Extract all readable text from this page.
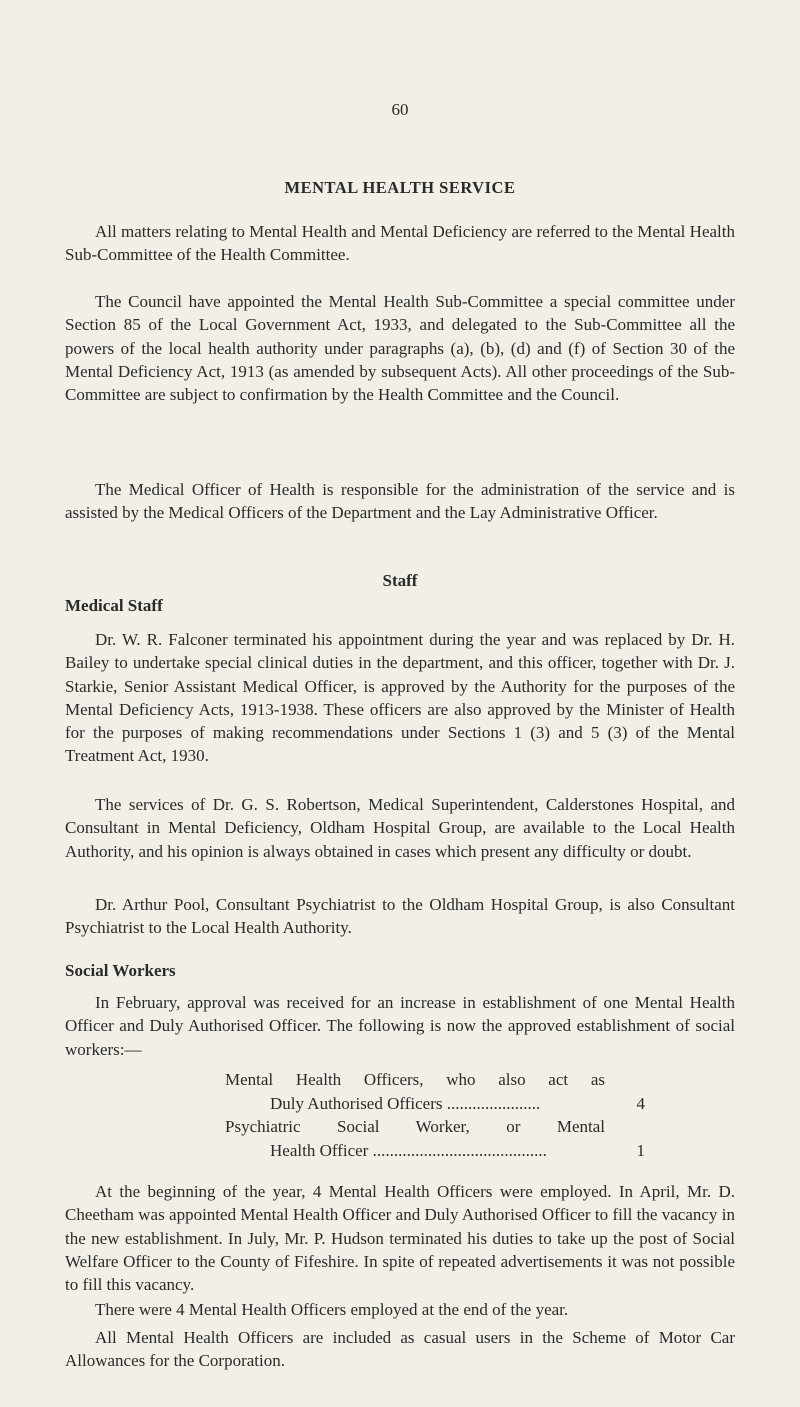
60
MENTAL HEALTH SERVICE

All matters relating to Mental Health and Mental Deficiency are referred to the Mental Health Sub-Committee of the Health Committee.

The Council have appointed the Mental Health Sub-Committee a special committee under Section 85 of the Local Government Act, 1933, and delegated to the Sub-Committee all the powers of the local health authority under paragraphs (a), (b), (d) and (f) of Section 30 of the Mental Deficiency Act, 1913 (as amended by subsequent Acts). All other proceedings of the Sub-Committee are subject to confirmation by the Health Committee and the Council.

The Medical Officer of Health is responsible for the administration of the service and is assisted by the Medical Officers of the Department and the Lay Administrative Officer.

Staff
Medical Staff

Dr. W. R. Falconer terminated his appointment during the year and was replaced by Dr. H. Bailey to undertake special clinical duties in the department, and this officer, together with Dr. J. Starkie, Senior Assistant Medical Officer, is approved by the Authority for the purposes of the Mental Deficiency Acts, 1913-1938. These officers are also approved by the Minister of Health for the purposes of making recommendations under Sections 1 (3) and 5 (3) of the Mental Treatment Act, 1930.

The services of Dr. G. S. Robertson, Medical Superintendent, Calderstones Hospital, and Consultant in Mental Deficiency, Oldham Hospital Group, are available to the Local Health Authority, and his opinion is always obtained in cases which present any difficulty or doubt.

Dr. Arthur Pool, Consultant Psychiatrist to the Oldham Hospital Group, is also Consultant Psychiatrist to the Local Health Authority.

Social Workers

In February, approval was received for an increase in establishment of one Mental Health Officer and Duly Authorised Officer. The following is now the approved establishment of social workers:—

Mental Health Officers, who also act as
Duly Authorised Officers ......................	4
Psychiatric Social Worker, or Mental
Health Officer .........................................	1

At the beginning of the year, 4 Mental Health Officers were employed. In April, Mr. D. Cheetham was appointed Mental Health Officer and Duly Authorised Officer to fill the vacancy in the new establishment. In July, Mr. P. Hudson terminated his duties to take up the post of Social Welfare Officer to the County of Fifeshire. In spite of repeated advertisements it was not possible to fill this vacancy.

There were 4 Mental Health Officers employed at the end of the year.

All Mental Health Officers are included as casual users in the Scheme of Motor Car Allowances for the Corporation.
